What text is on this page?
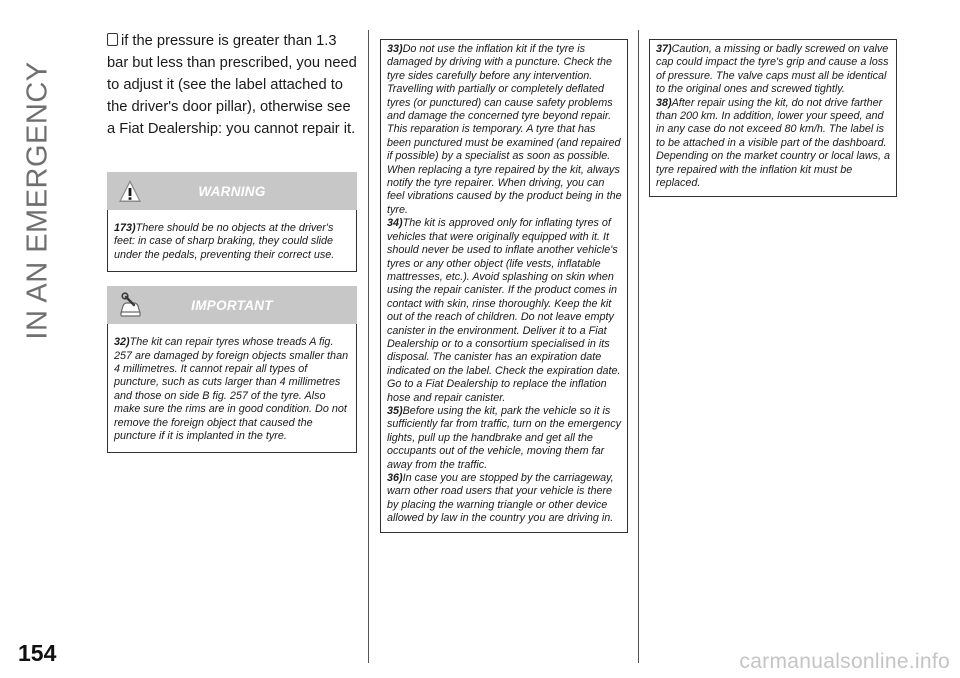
IN AN EMERGENCY

if the pressure is greater than 1.3 bar but less than prescribed, you need to adjust it (see the label attached to the driver's door pillar), otherwise see a Fiat Dealership: you cannot repair it.

WARNING
173)There should be no objects at the driver's feet: in case of sharp braking, they could slide under the pedals, preventing their correct use.
IMPORTANT
32)The kit can repair tyres whose treads A fig. 257 are damaged by foreign objects smaller than 4 millimetres. It cannot repair all types of puncture, such as cuts larger than 4 millimetres and those on side B fig. 257 of the tyre. Also make sure the rims are in good condition. Do not remove the foreign object that caused the puncture if it is implanted in the tyre.

33)Do not use the inflation kit if the tyre is damaged by driving with a puncture. Check the tyre sides carefully before any intervention. Travelling with partially or completely deflated tyres (or punctured) can cause safety problems and damage the concerned tyre beyond repair. This reparation is temporary. A tyre that has been punctured must be examined (and repaired if possible) by a specialist as soon as possible. When replacing a tyre repaired by the kit, always notify the tyre repairer. When driving, you can feel vibrations caused by the product being in the tyre.

34)The kit is approved only for inflating tyres of vehicles that were originally equipped with it. It should never be used to inflate another vehicle's tyres or any other object (life vests, inflatable mattresses, etc.). Avoid splashing on skin when using the repair canister. If the product comes in contact with skin, rinse thoroughly. Keep the kit out of the reach of children. Do not leave empty canister in the environment. Deliver it to a Fiat Dealership or to a consortium specialised in its disposal. The canister has an expiration date indicated on the label. Check the expiration date. Go to a Fiat Dealership to replace the inflation hose and repair canister.

35)Before using the kit, park the vehicle so it is sufficiently far from traffic, turn on the emergency lights, pull up the handbrake and get all the occupants out of the vehicle, moving them far away from the traffic.

36)In case you are stopped by the carriageway, warn other road users that your vehicle is there by placing the warning triangle or other device allowed by law in the country you are driving in.

37)Caution, a missing or badly screwed on valve cap could impact the tyre's grip and cause a loss of pressure. The valve caps must all be identical to the original ones and screwed tightly.

38)After repair using the kit, do not drive farther than 200 km. In addition, lower your speed, and in any case do not exceed 80 km/h. The label is to be attached in a visible part of the dashboard. Depending on the market country or local laws, a tyre repaired with the inflation kit must be replaced.

154	carmanualsonline.info
